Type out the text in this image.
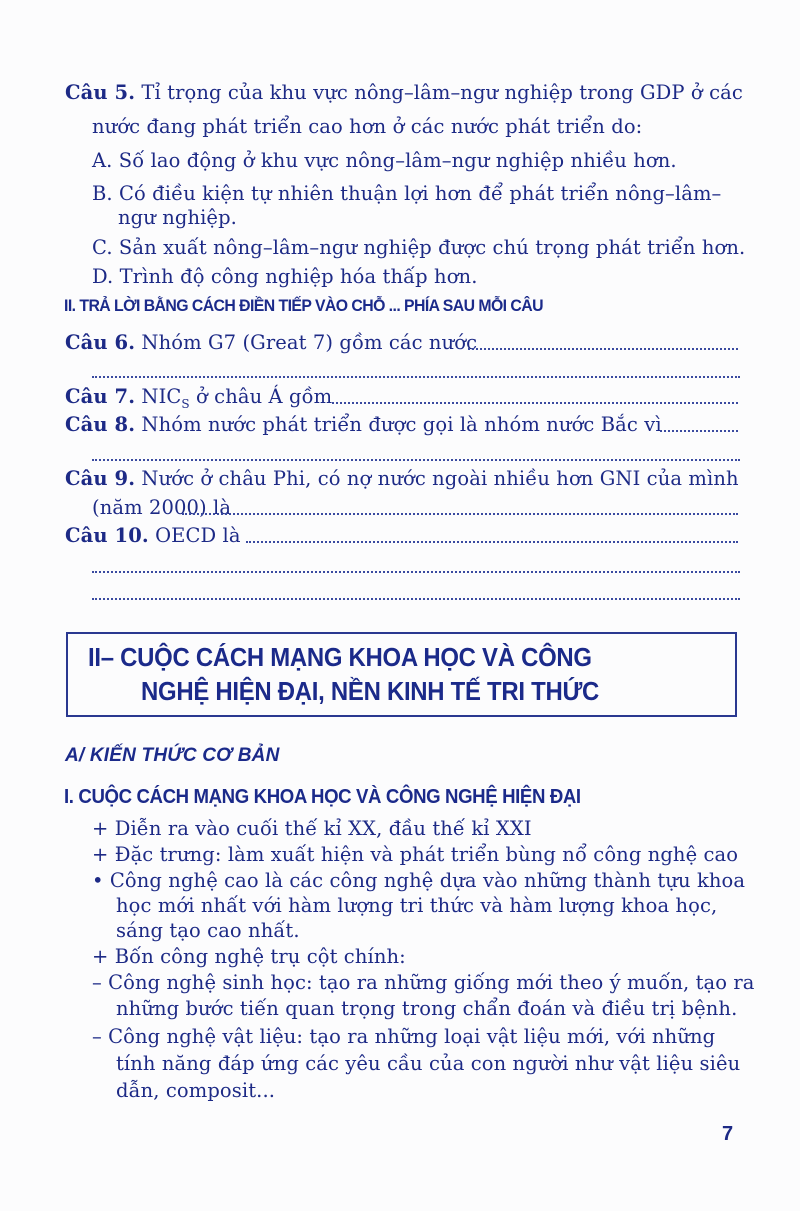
Câu 5. Tỉ trọng của khu vực nông–lâm–ngư nghiệp trong GDP ở các
nước đang phát triển cao hơn ở các nước phát triển do:
A. Số lao động ở khu vực nông–lâm–ngư nghiệp nhiều hơn.
B. Có điều kiện tự nhiên thuận lợi hơn để phát triển nông–lâm–
ngư nghiệp.
C. Sản xuất nông–lâm–ngư nghiệp được chú trọng phát triển hơn.
D. Trình độ công nghiệp hóa thấp hơn.
II. TRẢ LỜI BẰNG CÁCH ĐIỀN TIẾP VÀO CHỖ ... PHÍA SAU MỖI CÂU
Câu 6. Nhóm G7 (Great 7) gồm các nước
Câu 7. $NIC_S$ ở châu Á gồm
Câu 8. Nhóm nước phát triển được gọi là nhóm nước Bắc vì
Câu 9. Nước ở châu Phi, có nợ nước ngoài nhiều hơn GNI của mình
(năm 2000) là
Câu 10. OECD là
II– CUỘC CÁCH MẠNG KHOA HỌC VÀ CÔNG
NGHỆ HIỆN ĐẠI, NỀN KINH TẾ TRI THỨC
A/ KIẾN THỨC CƠ BẢN
I. CUỘC CÁCH MẠNG KHOA HỌC VÀ CÔNG NGHỆ HIỆN ĐẠI
+ Diễn ra vào cuối thế kỉ XX, đầu thế kỉ XXI
+ Đặc trưng: làm xuất hiện và phát triển bùng nổ công nghệ cao
• Công nghệ cao là các công nghệ dựa vào những thành tựu khoa
học mới nhất với hàm lượng tri thức và hàm lượng khoa học,
sáng tạo cao nhất.
+ Bốn công nghệ trụ cột chính:
– Công nghệ sinh học: tạo ra những giống mới theo ý muốn, tạo ra
những bước tiến quan trọng trong chẩn đoán và điều trị bệnh.
– Công nghệ vật liệu: tạo ra những loại vật liệu mới, với những
tính năng đáp ứng các yêu cầu của con người như vật liệu siêu
dẫn, composit...
7
